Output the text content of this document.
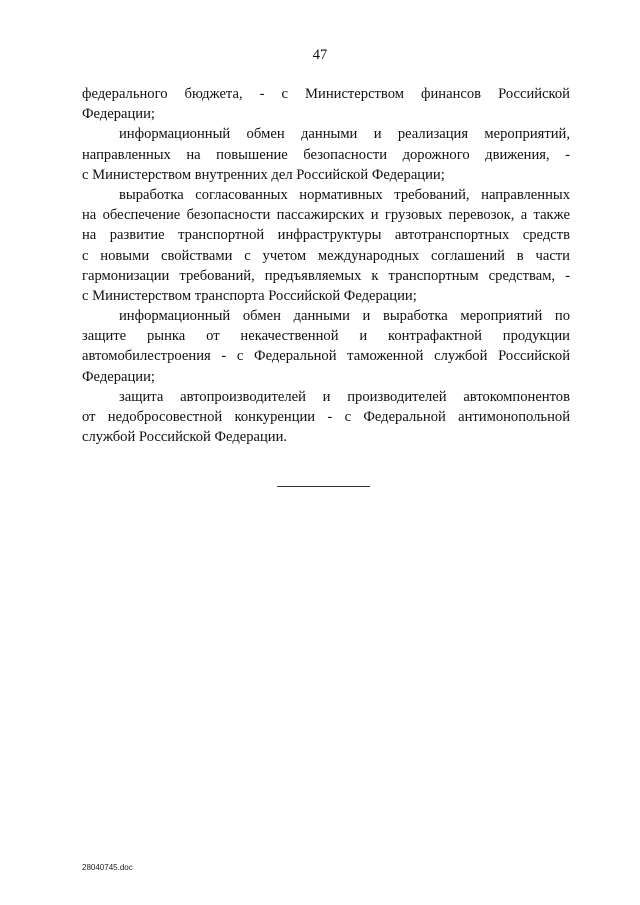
47
федерального бюджета, - с Министерством финансов Российской
Федерации;
информационный обмен данными и реализация мероприятий,
направленных на повышение безопасности дорожного движения, -
с Министерством внутренних дел Российской Федерации;
выработка согласованных нормативных требований, направленных
на обеспечение безопасности пассажирских и грузовых перевозок, а также
на развитие транспортной инфраструктуры автотранспортных средств
с новыми свойствами с учетом международных соглашений в части
гармонизации требований, предъявляемых к транспортным средствам, -
с Министерством транспорта Российской Федерации;
информационный обмен данными и выработка мероприятий по
защите рынка от некачественной и контрафактной продукции
автомобилестроения - с Федеральной таможенной службой Российской
Федерации;
защита автопроизводителей и производителей автокомпонентов
от недобросовестной конкуренции - с Федеральной антимонопольной
службой Российской Федерации.
28040745.doc
